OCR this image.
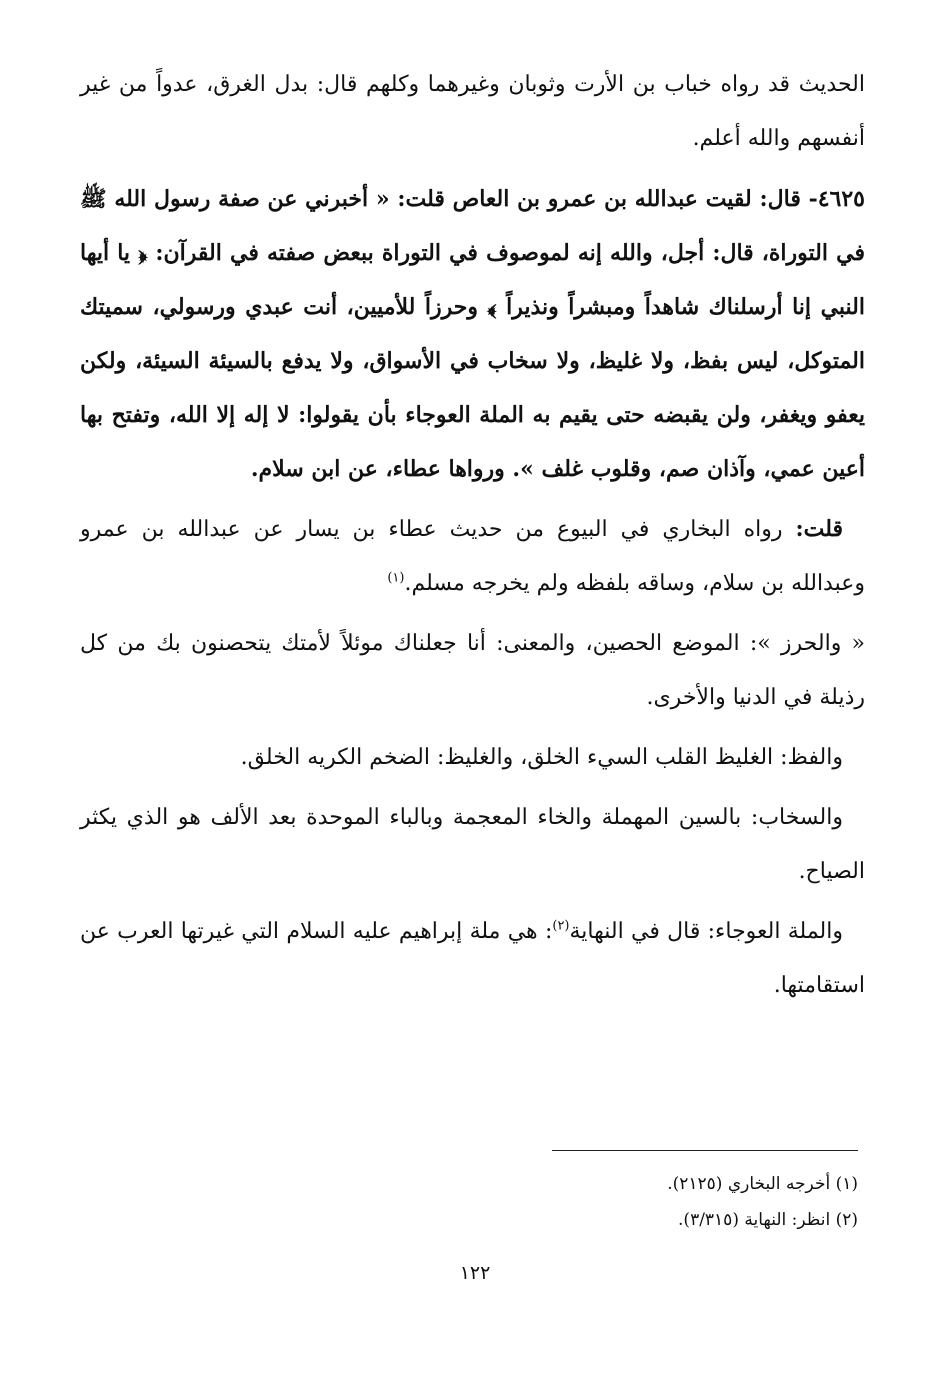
الحديث قد رواه خباب بن الأرت وثوبان وغيرهما وكلهم قال: بدل الغرق، عدواً من غير أنفسهم والله أعلم.

٤٦٢٥- قال: لقيت عبدالله بن عمرو بن العاص قلت: « أخبرني عن صفة رسول الله ﷺ في التوراة، قال: أجل، والله إنه لموصوف في التوراة ببعض صفته في القرآن: ﴿ يا أيها النبي إنا أرسلناك شاهداً ومبشراً ونذيراً ﴾ وحرزاً للأميين، أنت عبدي ورسولي، سميتك المتوكل، ليس بفظ، ولا غليظ، ولا سخاب في الأسواق، ولا يدفع بالسيئة السيئة، ولكن يعفو ويغفر، ولن يقبضه حتى يقيم به الملة العوجاء بأن يقولوا: لا إله إلا الله، وتفتح بها أعين عمي، وآذان صم، وقلوب غلف ». ورواها عطاء، عن ابن سلام.

قلت: رواه البخاري في البيوع من حديث عطاء بن يسار عن عبدالله بن عمرو وعبدالله بن سلام، وساقه بلفظه ولم يخرجه مسلم.$^{(١)}$

« والحرز »: الموضع الحصين، والمعنى: أنا جعلناك موئلاً لأمتك يتحصنون بك من كل رذيلة في الدنيا والأخرى.

والفظ: الغليظ القلب السيء الخلق، والغليظ: الضخم الكريه الخلق.

والسخاب: بالسين المهملة والخاء المعجمة وبالباء الموحدة بعد الألف هو الذي يكثر الصياح.

والملة العوجاء: قال في النهاية$^{(٢)}$: هي ملة إبراهيم عليه السلام التي غيرتها العرب عن استقامتها.

(١) أخرجه البخاري (٢١٢٥).
(٢) انظر: النهاية (٣/٣١٥).
١٢٢
